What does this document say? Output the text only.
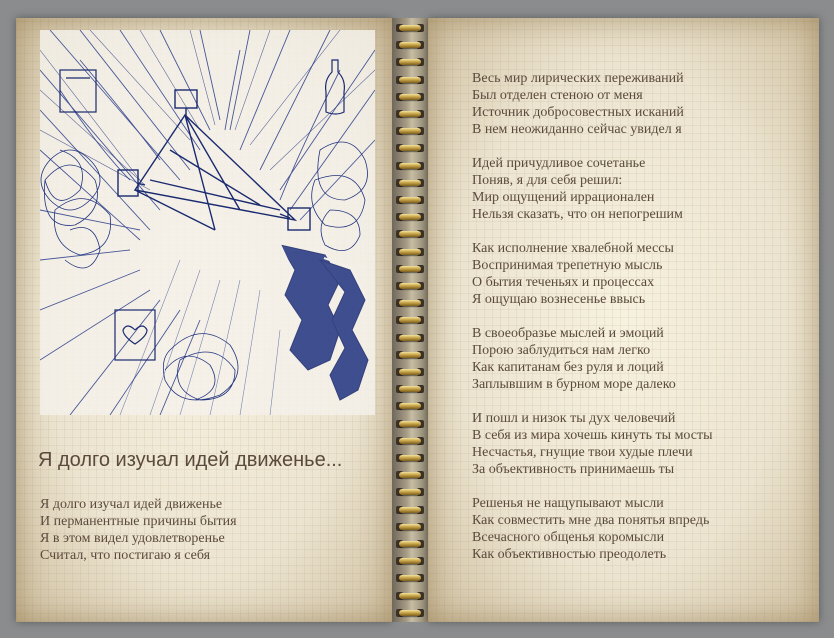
Я долго изучал идей движенье...
Я долго изучал идей движенье
И перманентные причины бытия
Я в этом видел удовлетворенье
Считал, что постигаю я себя
Весь мир лирических переживаний
Был отделен стеною от меня
Источник добросовестных исканий
В нем неожиданно сейчас увидел я
Идей причудливое сочетанье
Поняв, я для себя решил:
Мир ощущений иррационален
Нельзя сказать, что он непогрешим
Как исполнение хвалебной мессы
Воспринимая трепетную мысль
О бытия теченьях и процессах
Я ощущаю вознесенье ввысь
В своеобразье мыслей и эмоций
Порою заблудиться нам легко
Как капитанам без руля и лоций
Заплывшим в бурном море далеко
И пошл и низок ты дух человечий
В себя из мира хочешь кинуть ты мосты
Несчастья, гнущие твои худые плечи
За объективность принимаешь ты
Решенья не нащупывают мысли
Как совместить мне два понятья впредь
Всечасного общенья коромысли
Как объективностью преодолеть
